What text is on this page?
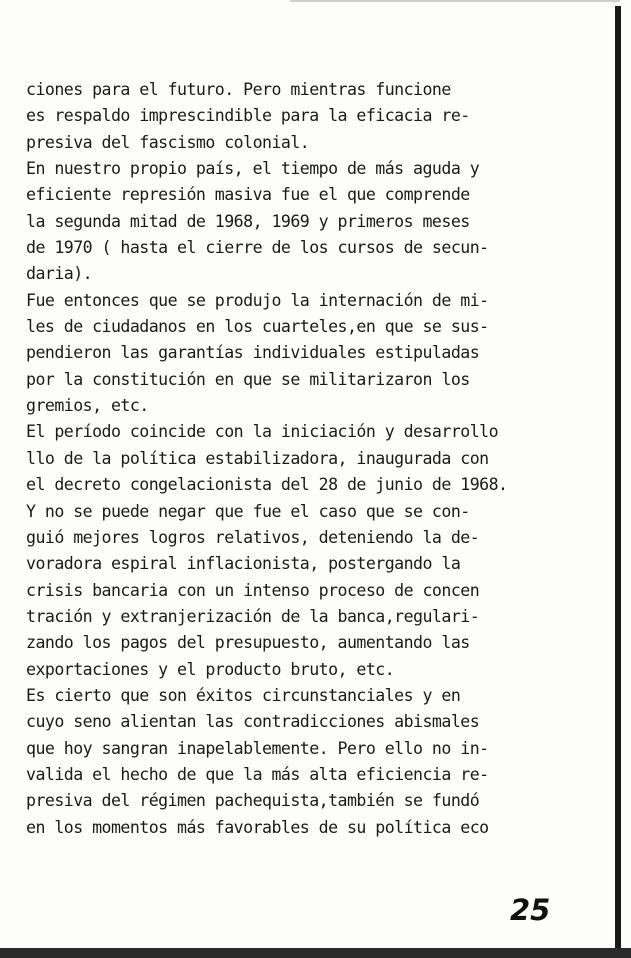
ciones para el futuro. Pero mientras funcione
es respaldo imprescindible para la eficacia re-
presiva del fascismo colonial.
En nuestro propio país, el tiempo de más aguda y
eficiente represión masiva fue el que comprende
la segunda mitad de 1968, 1969 y primeros meses
de 1970 ( hasta el cierre de los cursos de secun-
daria).
Fue entonces que se produjo la internación de mi-
les de ciudadanos en los cuarteles,en que se sus-
pendieron las garantías individuales estipuladas
por la constitución en que se militarizaron los
gremios, etc.
El período coincide con la iniciación y desarrollo
llo de la política estabilizadora, inaugurada con
el decreto congelacionista del 28 de junio de 1968.
Y no se puede negar que fue el caso que se con-
guió mejores logros relativos, deteniendo la de-
voradora espiral inflacionista, postergando la
crisis bancaria con un intenso proceso de concen
tración y extranjerización de la banca,regulari-
zando los pagos del presupuesto, aumentando las
exportaciones y el producto bruto, etc.
Es cierto que son éxitos circunstanciales y en
cuyo seno alientan las contradicciones abismales
que hoy sangran inapelablemente. Pero ello no in-
valida el hecho de que la más alta eficiencia re-
presiva del régimen pachequista,también se fundó
en los momentos más favorables de su política eco
25
